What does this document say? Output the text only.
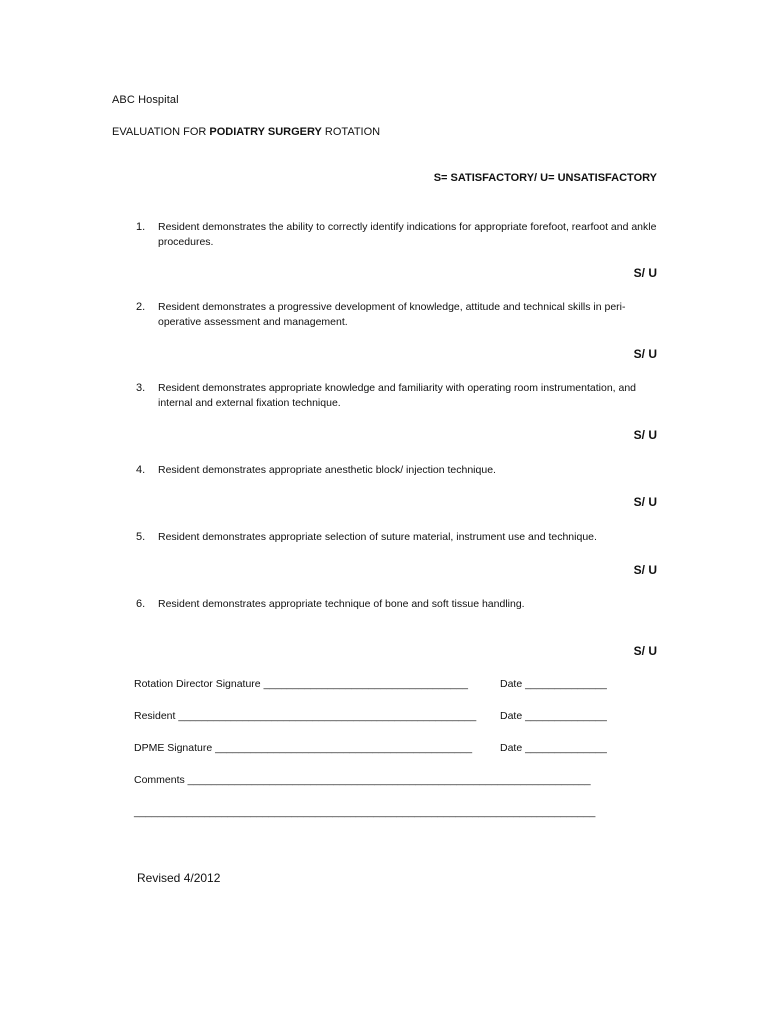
ABC Hospital
EVALUATION FOR PODIATRY SURGERY ROTATION
S= SATISFACTORY/ U= UNSATISFACTORY
1. Resident demonstrates the ability to correctly identify indications for appropriate forefoot, rearfoot and ankle procedures.
S/ U
2. Resident demonstrates a progressive development of knowledge, attitude and technical skills in peri-operative assessment and management.
S/ U
3. Resident demonstrates appropriate knowledge and familiarity with operating room instrumentation, and internal and external fixation technique.
S/ U
4. Resident demonstrates appropriate anesthetic block/ injection technique.
S/ U
5. Resident demonstrates appropriate selection of suture material, instrument use and technique.
S/ U
6. Resident demonstrates appropriate technique of bone and soft tissue handling.
S/ U
Rotation Director Signature ___________________________________	Date ______________
Resident ___________________________________________________ Date ______________
DPME Signature ____________________________________________	Date ______________
Comments _____________________________________________________________________
_______________________________________________________________________________
Revised 4/2012
